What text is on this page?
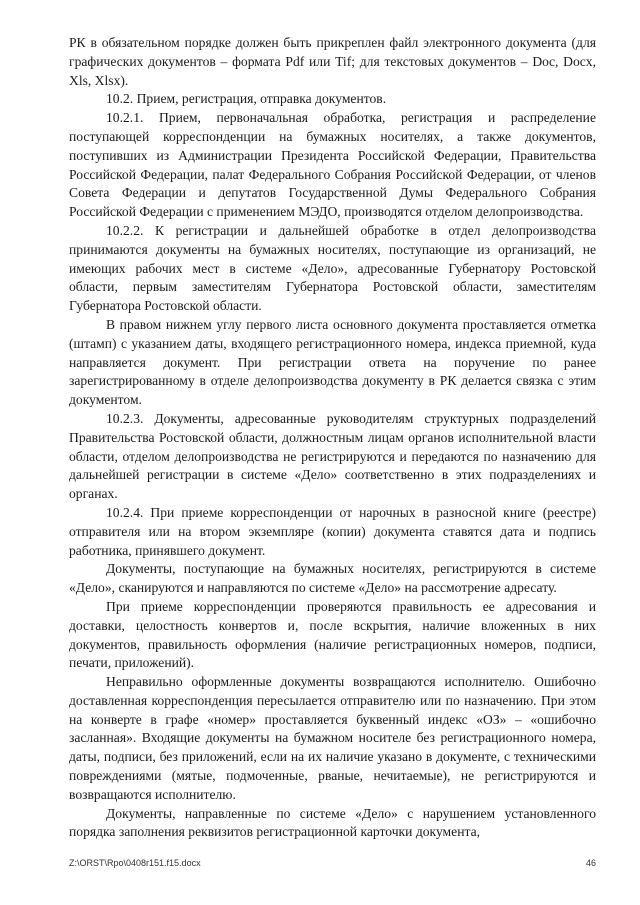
РК в обязательном порядке должен быть прикреплен файл электронного документа (для графических документов – формата Pdf или Tif; для текстовых документов – Doc, Docx, Xls, Xlsx).

10.2. Прием, регистрация, отправка документов.

10.2.1. Прием, первоначальная обработка, регистрация и распределение поступающей корреспонденции на бумажных носителях, а также документов, поступивших из Администрации Президента Российской Федерации, Правительства Российской Федерации, палат Федерального Собрания Российской Федерации, от членов Совета Федерации и депутатов Государственной Думы Федерального Собрания Российской Федерации с применением МЭДО, производятся отделом делопроизводства.

10.2.2. К регистрации и дальнейшей обработке в отдел делопроизводства принимаются документы на бумажных носителях, поступающие из организаций, не имеющих рабочих мест в системе «Дело», адресованные Губернатору Ростовской области, первым заместителям Губернатора Ростовской области, заместителям Губернатора Ростовской области.

В правом нижнем углу первого листа основного документа проставляется отметка (штамп) с указанием даты, входящего регистрационного номера, индекса приемной, куда направляется документ. При регистрации ответа на поручение по ранее зарегистрированному в отделе делопроизводства документу в РК делается связка с этим документом.

10.2.3. Документы, адресованные руководителям структурных подразделений Правительства Ростовской области, должностным лицам органов исполнительной власти области, отделом делопроизводства не регистрируются и передаются по назначению для дальнейшей регистрации в системе «Дело» соответственно в этих подразделениях и органах.

10.2.4. При приеме корреспонденции от нарочных в разносной книге (реестре) отправителя или на втором экземпляре (копии) документа ставятся дата и подпись работника, принявшего документ.

Документы, поступающие на бумажных носителях, регистрируются в системе «Дело», сканируются и направляются по системе «Дело» на рассмотрение адресату.

При приеме корреспонденции проверяются правильность ее адресования и доставки, целостность конвертов и, после вскрытия, наличие вложенных в них документов, правильность оформления (наличие регистрационных номеров, подписи, печати, приложений).

Неправильно оформленные документы возвращаются исполнителю. Ошибочно доставленная корреспонденция пересылается отправителю или по назначению. При этом на конверте в графе «номер» проставляется буквенный индекс «ОЗ» – «ошибочно засланная». Входящие документы на бумажном носителе без регистрационного номера, даты, подписи, без приложений, если на их наличие указано в документе, с техническими повреждениями (мятые, подмоченные, рваные, нечитаемые), не регистрируются и возвращаются исполнителю.

Документы, направленные по системе «Дело» с нарушением установленного порядка заполнения реквизитов регистрационной карточки документа,

Z:\ORST\Rpo\0408r151.f15.docx	46
